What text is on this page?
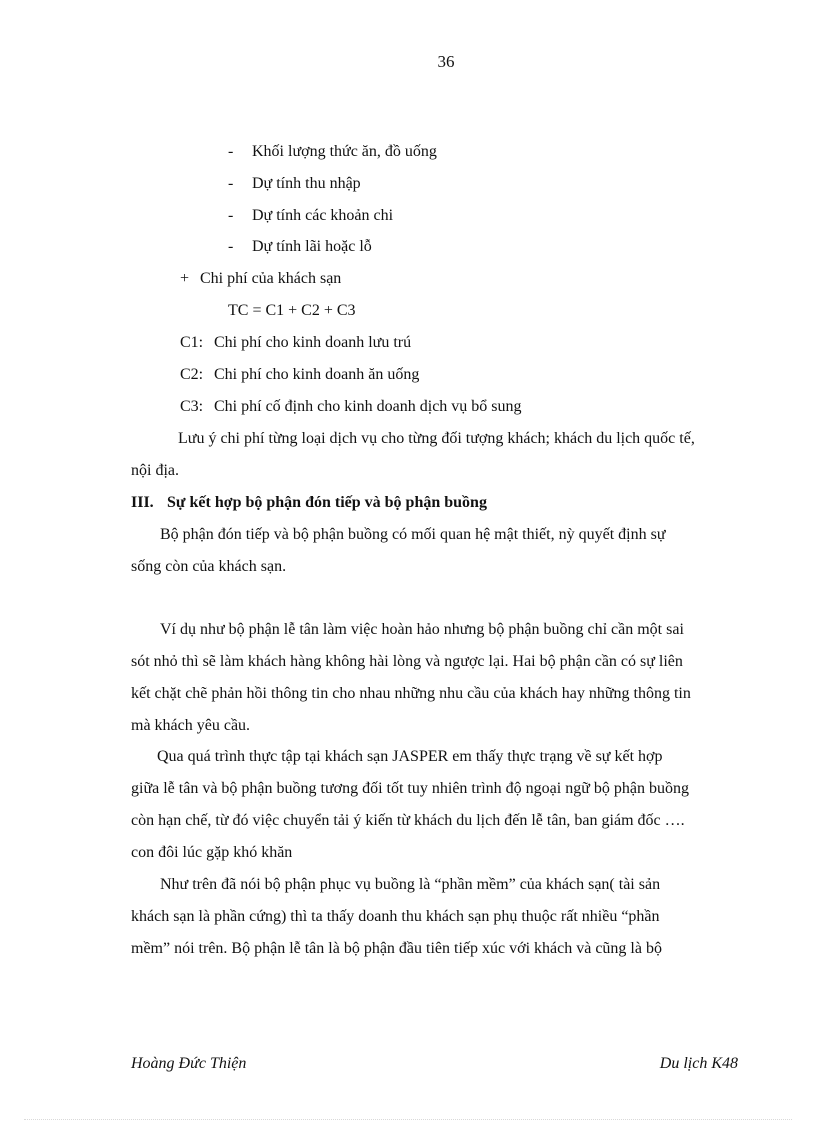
36
- Khối lượng thức ăn, đồ uống
- Dự tính thu nhập
- Dự tính các khoản chi
- Dự tính lãi hoặc lỗ
+ Chi phí của khách sạn
TC = C1 + C2 + C3
C1: Chi phí cho kinh doanh lưu trú
C2: Chi phí cho kinh doanh ăn uống
C3: Chi phí cố định cho kinh doanh dịch vụ bổ sung
Lưu ý chi phí từng loại dịch vụ cho từng đối tượng khách; khách du lịch quốc tế,
nội địa.
III. Sự kết hợp bộ phận đón tiếp và bộ phận buồng
Bộ phận đón tiếp và bộ phận buồng có mối quan hệ mật thiết, nỳ quyết định sự
sống còn của khách sạn.
Ví dụ như bộ phận lễ tân làm việc hoàn hảo nhưng bộ phận buồng chỉ cần một sai
sót nhỏ thì sẽ làm khách hàng không hài lòng và ngược lại. Hai bộ phận cần có sự liên
kết chặt chẽ phản hồi thông tin cho nhau những nhu cầu của khách hay những thông tin
mà khách yêu cầu.
Qua quá trình thực tập tại khách sạn JASPER em thấy thực trạng về sự kết hợp
giữa lễ tân và bộ phận buồng tương đối tốt tuy nhiên trình độ ngoại ngữ bộ phận buồng
còn hạn chế, từ đó việc chuyển tải ý kiến từ khách du lịch đến lễ tân, ban giám đốc ….
con đôi lúc gặp khó khăn
Như trên đã nói bộ phận phục vụ buồng là “phần mềm” của khách sạn( tài sản
khách sạn là phần cứng) thì ta thấy doanh thu khách sạn phụ thuộc rất nhiều “phần
mềm” nói trên. Bộ phận lễ tân là bộ phận đầu tiên tiếp xúc với khách và cũng là bộ
Hoàng Đức Thiện	Du lịch K48
